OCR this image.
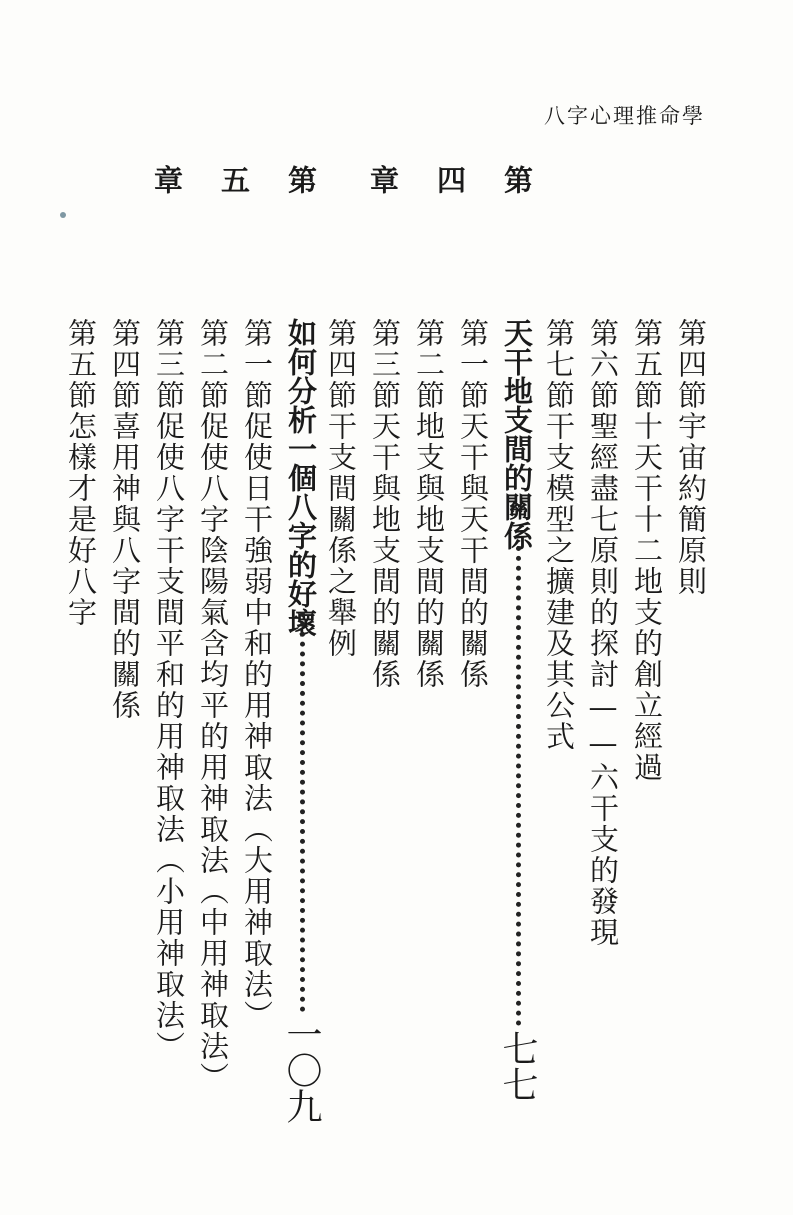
八字心理推命學
第四節宇宙約簡原則
第五節十天干十二地支的創立經過
第六節聖經盡七原則的探討——六干支的發現
第七節干支模型之擴建及其公式
第
四
章
天干地支間的關係
七七
第一節天干與天干間的關係
第二節地支與地支間的關係
第三節天干與地支間的關係
第四節干支間關係之舉例
第
五
章
如何分析一個八字的好壞
一〇九
第一節促使日干強弱中和的用神取法（大用神取法）
第二節促使八字陰陽氣含均平的用神取法（中用神取法）
第三節促使八字干支間平和的用神取法（小用神取法）
第四節喜用神與八字間的關係
第五節怎樣才是好八字
